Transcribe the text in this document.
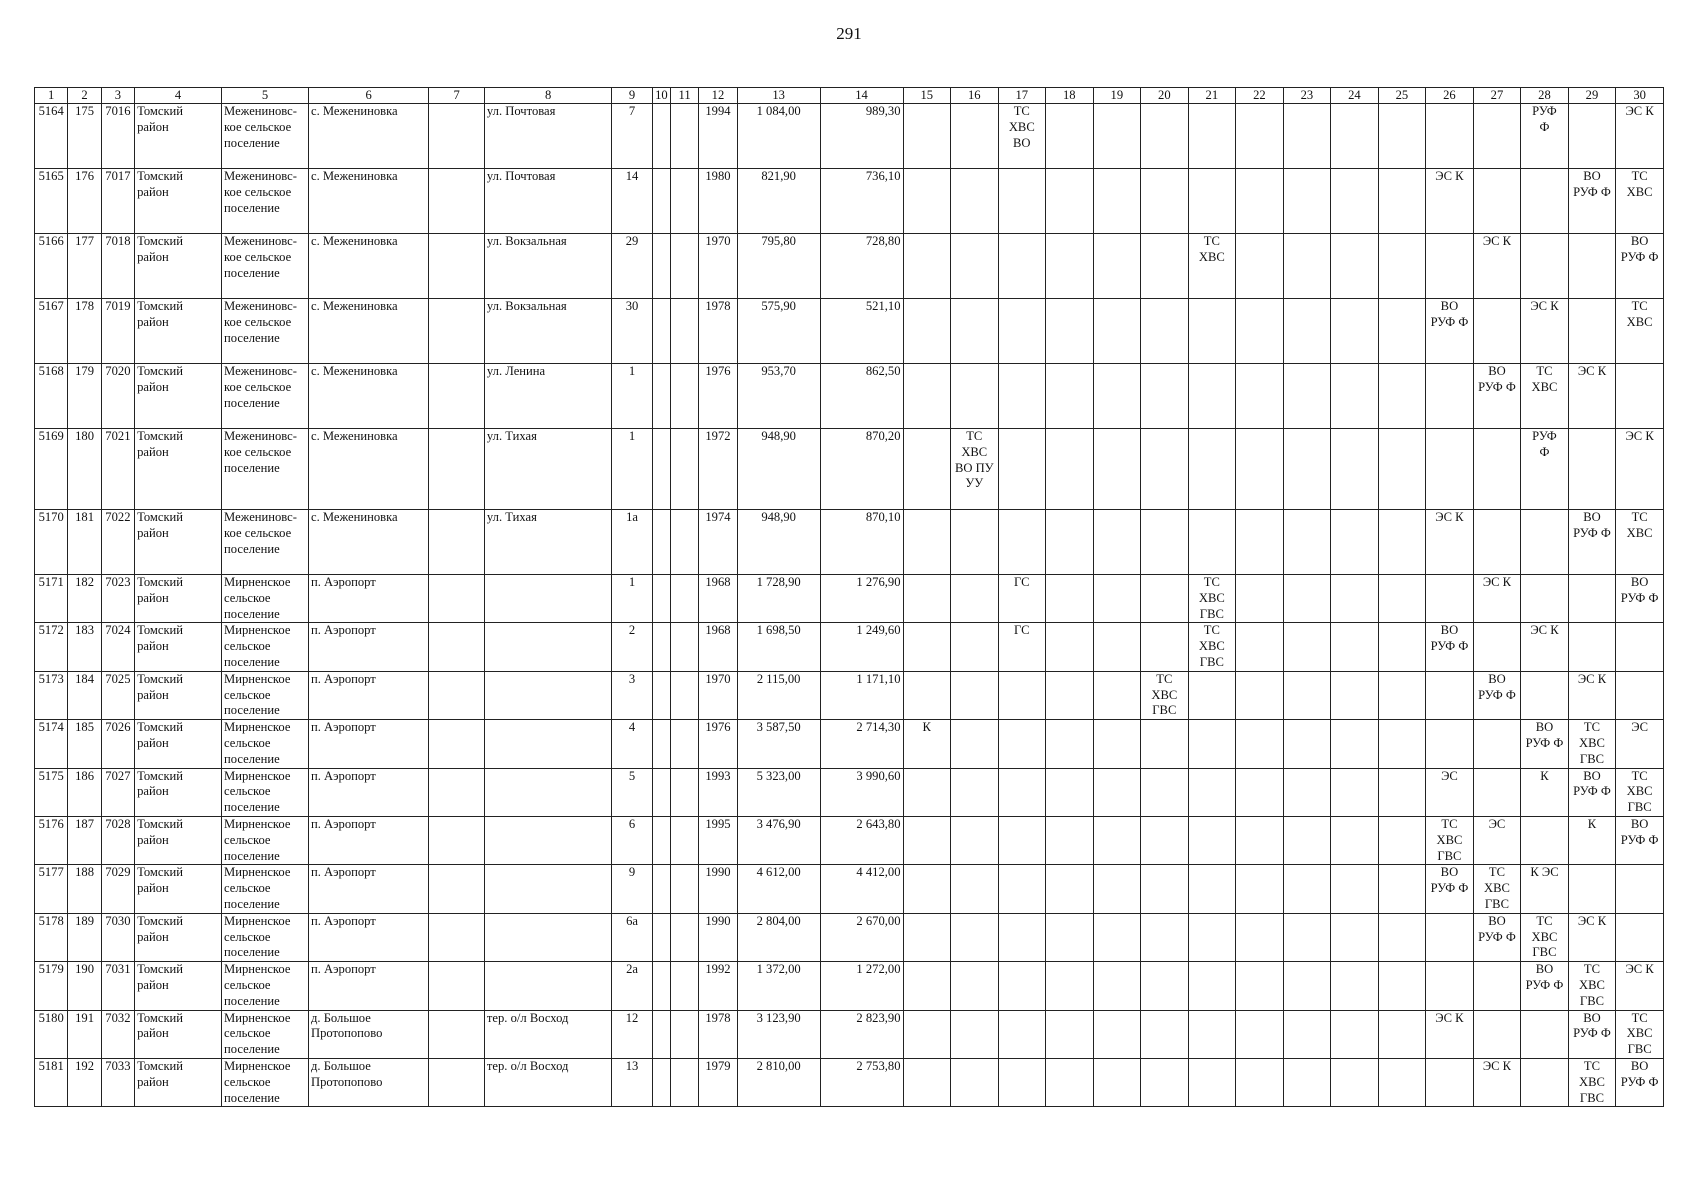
291
1	2	3	4	5	6	7	8	9	10	11	12	13	14	15	16	17	18	19	20	21	22	23	24	25	26	27	28	29	30
5164	175	7016	Томский
район	Межениновс-
кое сельское
поселение	с. Межениновка		ул. Почтовая	7			1994	1 084,00	989,30			ТС
ХВС
ВО											РУФ
Ф		ЭС К
5165	176	7017	Томский
район	Межениновс-
кое сельское
поселение	с. Межениновка		ул. Почтовая	14			1980	821,90	736,10												ЭС К			ВО
РУФ Ф	ТС
ХВС
5166	177	7018	Томский
район	Межениновс-
кое сельское
поселение	с. Межениновка		ул. Вокзальная	29			1970	795,80	728,80							ТС
ХВС						ЭС К			ВО
РУФ Ф
5167	178	7019	Томский
район	Межениновс-
кое сельское
поселение	с. Межениновка		ул. Вокзальная	30			1978	575,90	521,10												ВО
РУФ Ф		ЭС К		ТС
ХВС
5168	179	7020	Томский
район	Межениновс-
кое сельское
поселение	с. Межениновка		ул. Ленина	1			1976	953,70	862,50													ВО
РУФ Ф	ТС
ХВС	ЭС К	
5169	180	7021	Томский
район	Межениновс-
кое сельское
поселение	с. Межениновка		ул. Тихая	1			1972	948,90	870,20		ТС
ХВС
ВО ПУ
УУ												РУФ
Ф		ЭС К
5170	181	7022	Томский
район	Межениновс-
кое сельское
поселение	с. Межениновка		ул. Тихая	1а			1974	948,90	870,10												ЭС К			ВО
РУФ Ф	ТС
ХВС
5171	182	7023	Томский
район	Мирненское
сельское
поселение	п. Аэропорт			1			1968	1 728,90	1 276,90			ГС				ТС
ХВС
ГВС						ЭС К			ВО
РУФ Ф
5172	183	7024	Томский
район	Мирненское
сельское
поселение	п. Аэропорт			2			1968	1 698,50	1 249,60			ГС				ТС
ХВС
ГВС					ВО
РУФ Ф		ЭС К		
5173	184	7025	Томский
район	Мирненское
сельское
поселение	п. Аэропорт			3			1970	2 115,00	1 171,10						ТС
ХВС
ГВС							ВО
РУФ Ф		ЭС К	
5174	185	7026	Томский
район	Мирненское
сельское
поселение	п. Аэропорт			4			1976	3 587,50	2 714,30	К													ВО
РУФ Ф	ТС
ХВС
ГВС	ЭС
5175	186	7027	Томский
район	Мирненское
сельское
поселение	п. Аэропорт			5			1993	5 323,00	3 990,60												ЭС		К	ВО
РУФ Ф	ТС
ХВС
ГВС
5176	187	7028	Томский
район	Мирненское
сельское
поселение	п. Аэропорт			6			1995	3 476,90	2 643,80												ТС
ХВС
ГВС	ЭС		К	ВО
РУФ Ф
5177	188	7029	Томский
район	Мирненское
сельское
поселение	п. Аэропорт			9			1990	4 612,00	4 412,00												ВО
РУФ Ф	ТС
ХВС
ГВС	К ЭС		
5178	189	7030	Томский
район	Мирненское
сельское
поселение	п. Аэропорт			6а			1990	2 804,00	2 670,00													ВО
РУФ Ф	ТС
ХВС
ГВС	ЭС К	
5179	190	7031	Томский
район	Мирненское
сельское
поселение	п. Аэропорт			2а			1992	1 372,00	1 272,00														ВО
РУФ Ф	ТС
ХВС
ГВС	ЭС К
5180	191	7032	Томский
район	Мирненское
сельское
поселение	д. Большое
Протопопово		тер. о/л Восход	12			1978	3 123,90	2 823,90												ЭС К			ВО
РУФ Ф	ТС
ХВС
ГВС
5181	192	7033	Томский
район	Мирненское
сельское
поселение	д. Большое
Протопопово		тер. о/л Восход	13			1979	2 810,00	2 753,80													ЭС К		ТС
ХВС
ГВС	ВО
РУФ Ф
